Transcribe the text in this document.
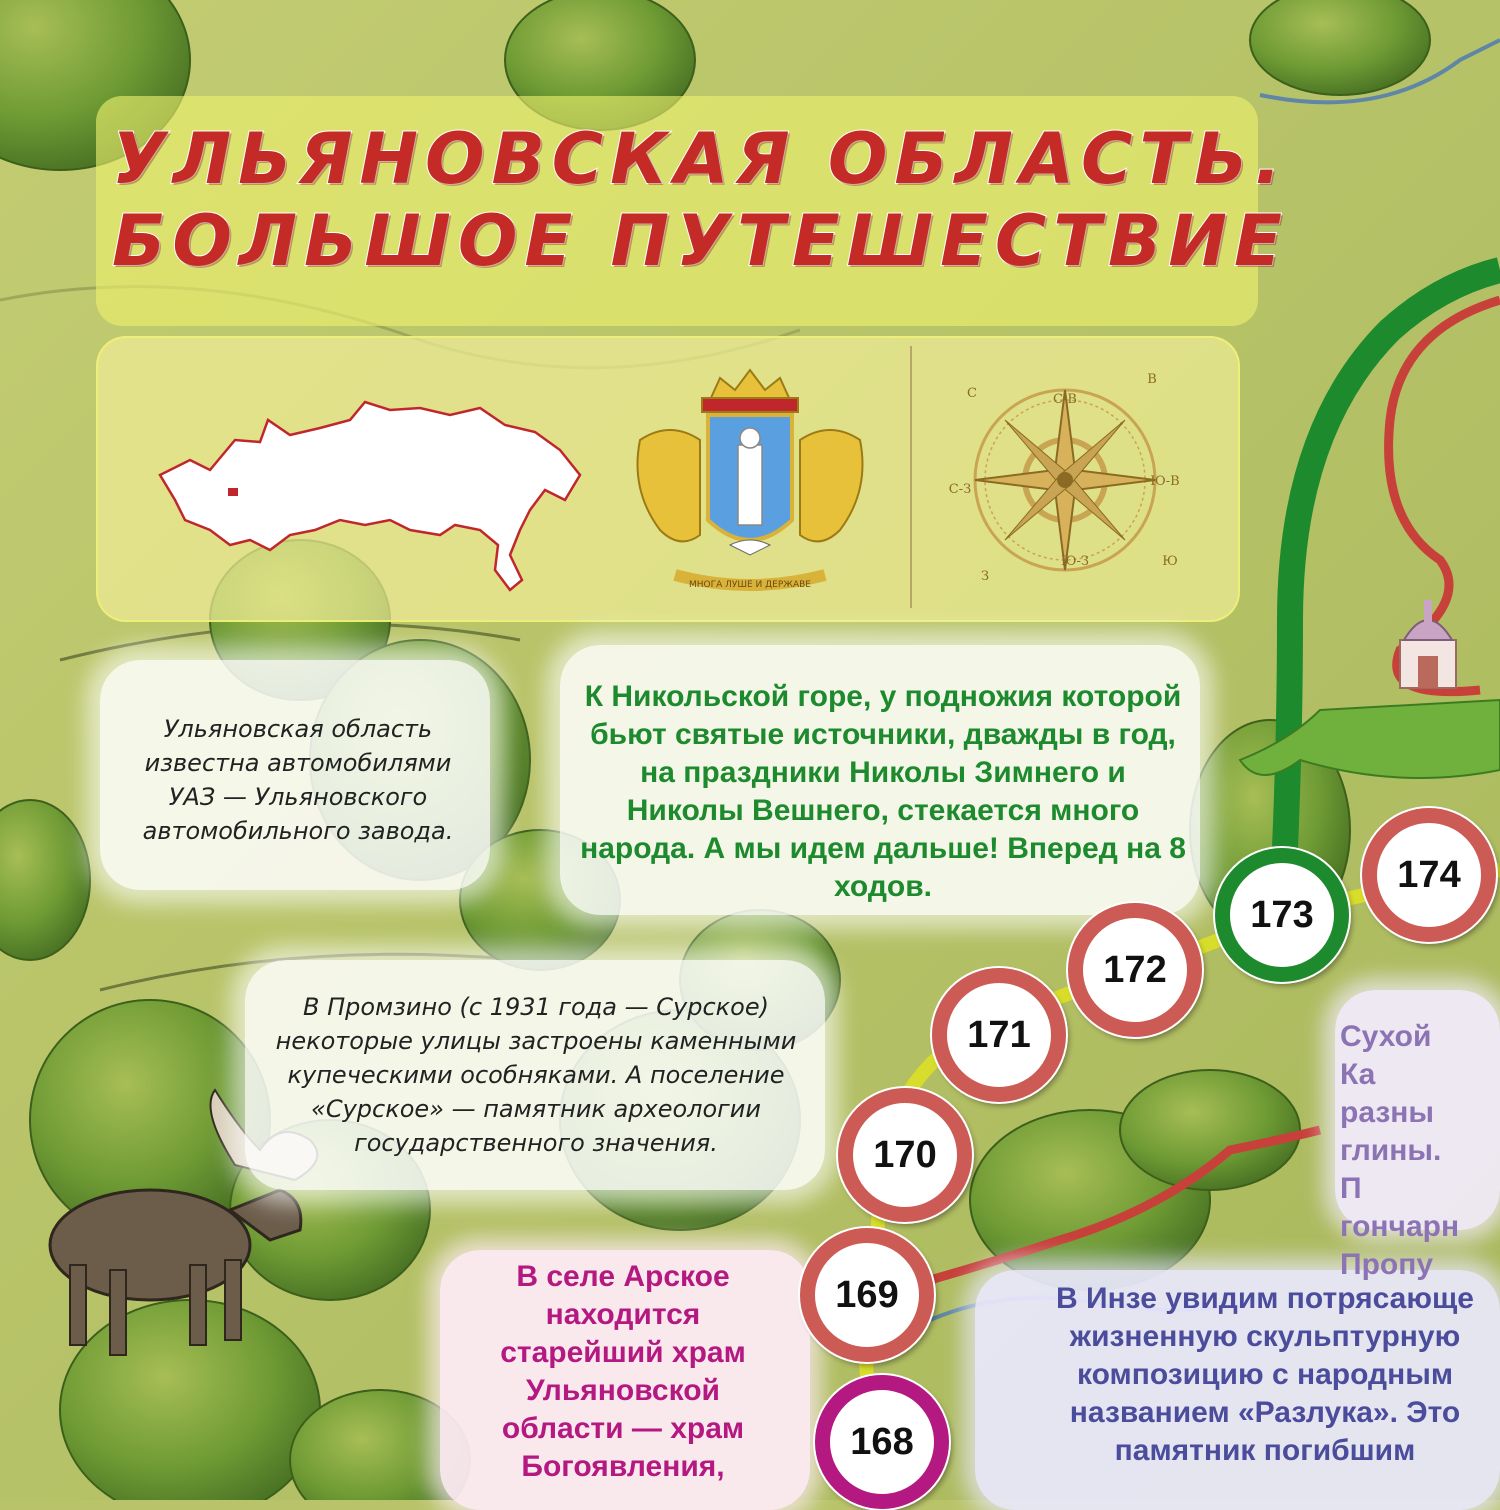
УЛЬЯНОВСКАЯ ОБЛАСТЬ.
БОЛЬШОЕ ПУТЕШЕСТВИЕ
МНОГА ЛУШЕ И ДЕРЖАВЕ
С	С-В
В
Ю-В
Ю
Ю-З
З
С-З
Ульяновская область известна автомобилями УАЗ — Ульяновского автомобильного завода.
К Никольской горе, у подножия которой бьют святые источники, дважды в год, на праздники Николы Зимнего и Николы Вешнего, стекается много народа. А мы идем дальше! Вперед на 8 ходов.
В Промзино (с 1931 года — Сурское) некоторые улицы застроены каменными купеческими особняками. А поселение «Сурское» — памятник археологии государственного значения.
В селе Арское находится старейший храм Ульяновской области — храм Богоявления,
В Инзе увидим потрясающе жизненную скульптурную композицию с народным названием «Разлука». Это памятник погибшим
Сухой Ка разны глины. П гончарн Пропу
168
169
170
171
172
173
174
